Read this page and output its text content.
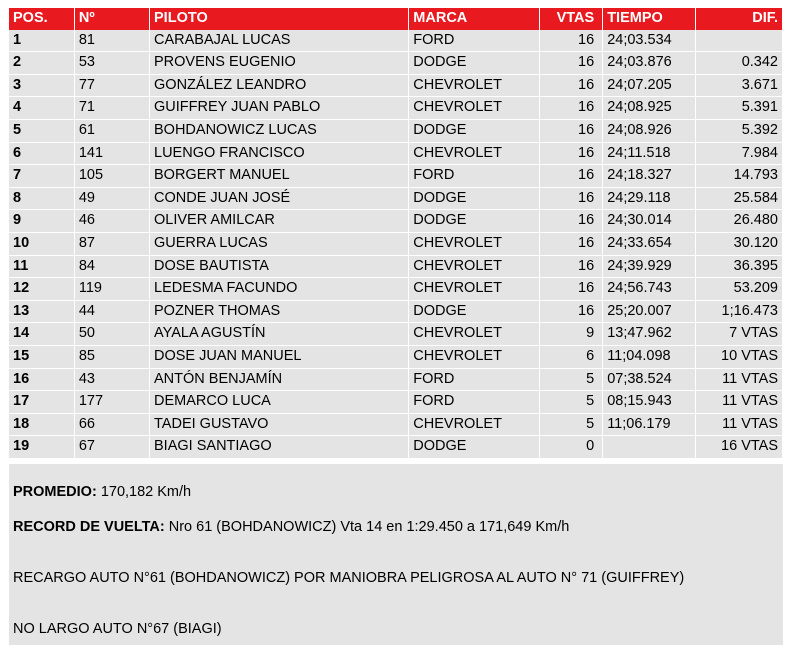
POS.	Nº	PILOTO	MARCA	VTAS	TIEMPO	DIF.
1	81	CARABAJAL LUCAS	FORD	16	24;03.534	
2	53	PROVENS EUGENIO	DODGE	16	24;03.876	0.342
3	77	GONZÁLEZ LEANDRO	CHEVROLET	16	24;07.205	3.671
4	71	GUIFFREY JUAN PABLO	CHEVROLET	16	24;08.925	5.391
5	61	BOHDANOWICZ LUCAS	DODGE	16	24;08.926	5.392
6	141	LUENGO FRANCISCO	CHEVROLET	16	24;11.518	7.984
7	105	BORGERT MANUEL	FORD	16	24;18.327	14.793
8	49	CONDE JUAN JOSÉ	DODGE	16	24;29.118	25.584
9	46	OLIVER AMILCAR	DODGE	16	24;30.014	26.480
10	87	GUERRA LUCAS	CHEVROLET	16	24;33.654	30.120
11	84	DOSE BAUTISTA	CHEVROLET	16	24;39.929	36.395
12	119	LEDESMA FACUNDO	CHEVROLET	16	24;56.743	53.209
13	44	POZNER THOMAS	DODGE	16	25;20.007	1;16.473
14	50	AYALA AGUSTÍN	CHEVROLET	9	13;47.962	7 VTAS
15	85	DOSE JUAN MANUEL	CHEVROLET	6	11;04.098	10 VTAS
16	43	ANTÓN BENJAMÍN	FORD	5	07;38.524	11 VTAS
17	177	DEMARCO LUCA	FORD	5	08;15.943	11 VTAS
18	66	TADEI GUSTAVO	CHEVROLET	5	11;06.179	11 VTAS
19	67	BIAGI SANTIAGO	DODGE	0		16 VTAS
PROMEDIO: 170,182 Km/h
RECORD DE VUELTA: Nro 61 (BOHDANOWICZ) Vta 14 en 1:29.450 a 171,649 Km/h
RECARGO AUTO N°61 (BOHDANOWICZ) POR MANIOBRA PELIGROSA AL AUTO N° 71 (GUIFFREY)
NO LARGO AUTO N°67 (BIAGI)
